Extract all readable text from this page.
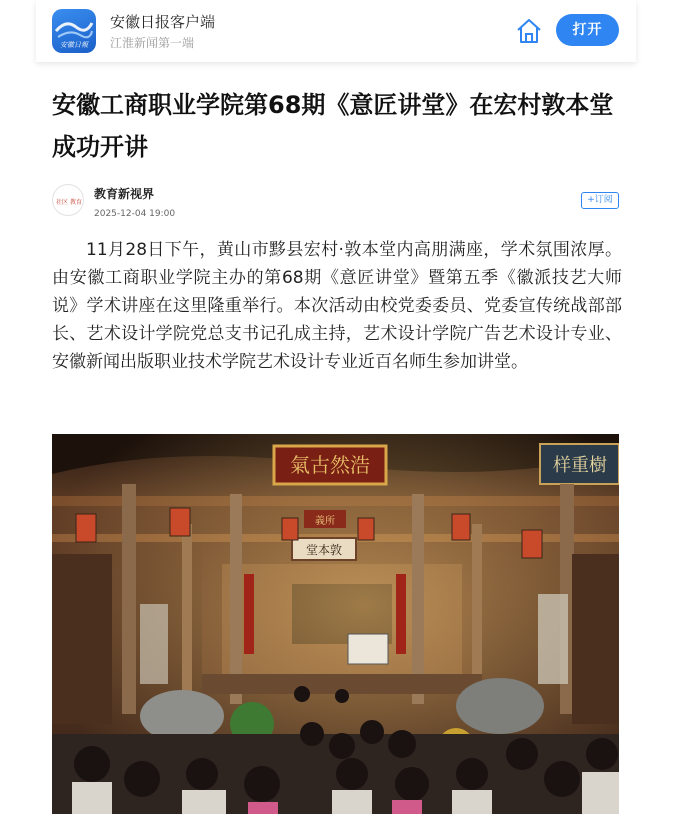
安徽日報
安徽日报客户端
江淮新闻第一端
打开
安徽工商职业学院第68期《意匠讲堂》在宏村敦本堂成功开讲
社区 教育
教育新视界
2025-12-04 19:00
+订阅

11月28日下午，黄山市黟县宏村·敦本堂内高朋满座，学术氛围浓厚。由安徽工商职业学院主办的第68期《意匠讲堂》暨第五季《徽派技艺大师说》学术讲座在这里隆重举行。本次活动由校党委委员、党委宣传统战部部长、艺术设计学院党总支书记孔成主持，艺术设计学院广告艺术设计专业、安徽新闻出版职业技术学院艺术设计专业近百名师生参加讲堂。

氣古然浩	样重樹
堂本敦
義所
